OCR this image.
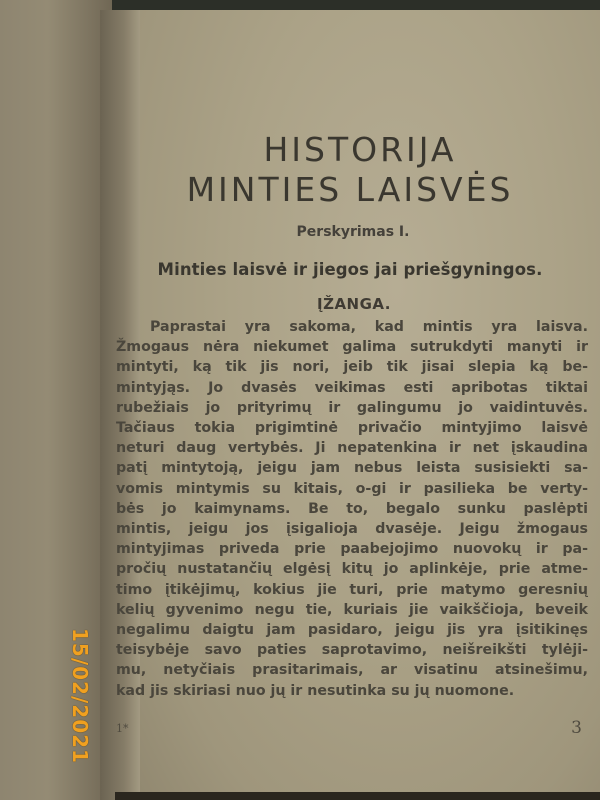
HISTORIJA
MINTIES LAISVĖS
Perskyrimas I.
Minties laisvė ir jiegos jai priešgyningos.
ĮŽANGA.
Paprastai yra sakoma, kad mintis yra laisva.
Žmogaus nėra niekumet galima sutrukdyti manyti ir
mintyti, ką tik jis nori, jeib tik jisai slepia ką be-
mintyjąs. Jo dvasės veikimas esti apribotas tiktai
rubežiais jo prityrimų ir galingumu jo vaidintuvės.
Tačiaus tokia prigimtinė privačio mintyjimo laisvė
neturi daug vertybės. Ji nepatenkina ir net įskaudina
patį mintytoją, jeigu jam nebus leista susisiekti sa-
vomis mintymis su kitais, o-gi ir pasilieka be verty-
bės jo kaimynams. Be to, begalo sunku paslėpti
mintis, jeigu jos įsigalioja dvasėje. Jeigu žmogaus
mintyjimas priveda prie paabejojimo nuovokų ir pa-
pročių nustatančių elgėsį kitų jo aplinkėje, prie atme-
timo įtikėjimų, kokius jie turi, prie matymo geresnių
kelių gyvenimo negu tie, kuriais jie vaikščioja, beveik
negalimu daigtu jam pasidaro, jeigu jis yra įsitikinęs
teisybėje savo paties saprotavimo, neišreikšti tylėji-
mu, netyčiais prasitarimais, ar visatinu atsinešimu,
kad jis skiriasi nuo jų ir nesutinka su jų nuomone.
1*	3
15/02/2021
